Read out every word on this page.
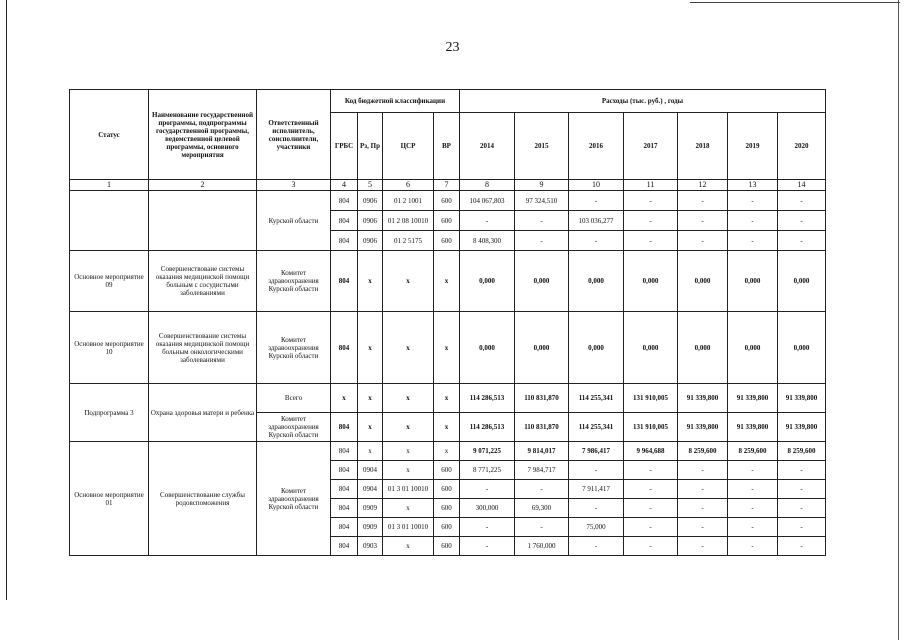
23
Статус	Наименование государственной программы, подпрограммы государственной программы, ведомственной целевой программы, основного мероприятия	Ответственный исполнитель, соисполнители, участники	Код бюджетной классификации				Расходы (тыс. руб.) , годы						
			ГРБС	Рз, Пр	ЦСР	ВР	2014	2015	2016	2017	2018	2019	2020
1	2	3	4	5	6	7	8	9	10	11	12	13	14
		Курской области	804	0906	01 2 1001	600	104 067,803	97 324,510	-	-	-	-	-
			804	0906	01 2 08 10010	600	-	-	103 036,277	-	-	-	-
			804	0906	01 2 5175	600	8 408,300	-	-	-	-	-	-
Основное мероприятие 09	Совершенствоваие системы оказания медицинской помощи больным с сосудистыми заболеваниями	Комитет здравоохранения Курской области	804	x	x	x	0,000	0,000	0,000	0,000	0,000	0,000	0,000
Основное мероприятие 10	Совершенствование системы оказания медицинской помощи больным онкологическими заболеваниями	Комитет здравоохранения Курской области	804	x	x	x	0,000	0,000	0,000	0,000	0,000	0,000	0,000
Подпрограмма 3	Охрана здоровья матери и ребенка	Всего	x	x	x	x	114 286,513	110 831,870	114 255,341	131 910,005	91 339,800	91 339,800	91 339,800
		Комитет здравоохранения Курской области	804	x	x	x	114 286,513	110 831,870	114 255,341	131 910,005	91 339,800	91 339,800	91 339,800
Основное мероприятие 01	Совершенствование службы родовспоможения	Комитет здравоохранения Курской области	804	x	x	x	9 071,225	9 814,017	7 986,417	9 964,688	8 259,600	8 259,600	8 259,600
			804	0904	x	600	8 771,225	7 984,717	-	-	-	-	-
			804	0904	01 3 01 10010	600	-	-	7 911,417	-	-	-	-
			804	0909	x	600	300,000	69,300	-	-	-	-	-
			804	0909	01 3 01 10010	600	-	-	75,000	-	-	-	-
			804	0903	x	600	-	1 760,000	-	-	-	-	-
